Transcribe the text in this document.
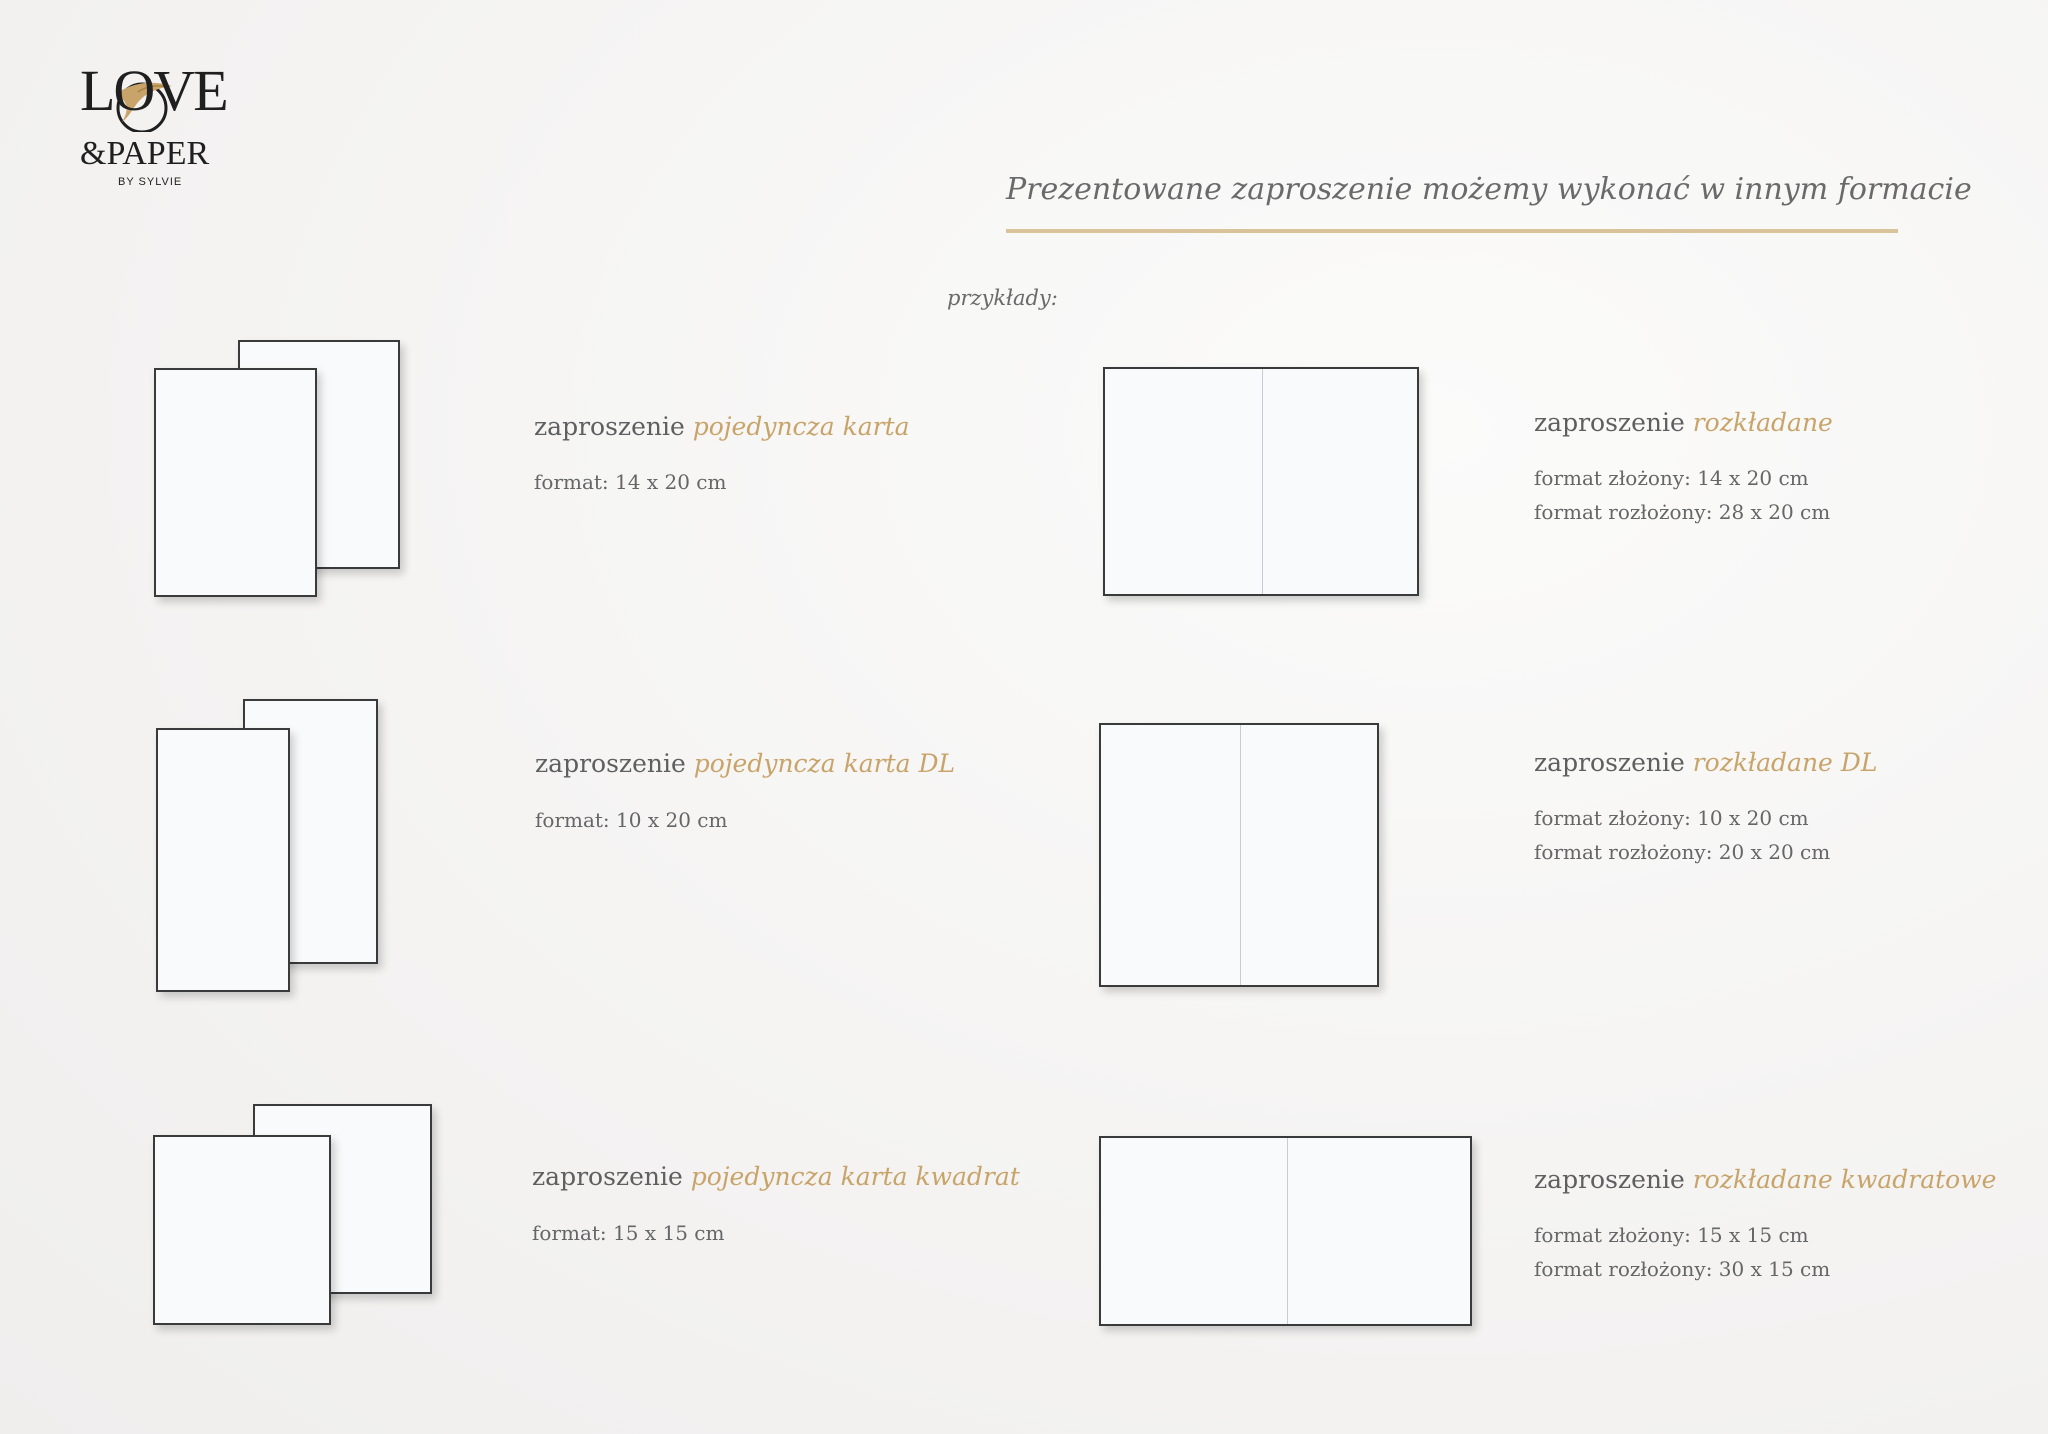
LOVE
&PAPER
BY SYLVIE	Prezentowane zaproszenie możemy wykonać w innym formacie
przykłady:
zaproszenie pojedyncza karta
format: 14 x 20 cm
zaproszenie rozkładane
format złożony: 14 x 20 cm
format rozłożony: 28 x 20 cm
zaproszenie pojedyncza karta DL
format: 10 x 20 cm
zaproszenie rozkładane DL
format złożony: 10 x 20 cm
format rozłożony: 20 x 20 cm
zaproszenie pojedyncza karta kwadrat
format: 15 x 15 cm
zaproszenie rozkładane kwadratowe
format złożony: 15 x 15 cm
format rozłożony: 30 x 15 cm
